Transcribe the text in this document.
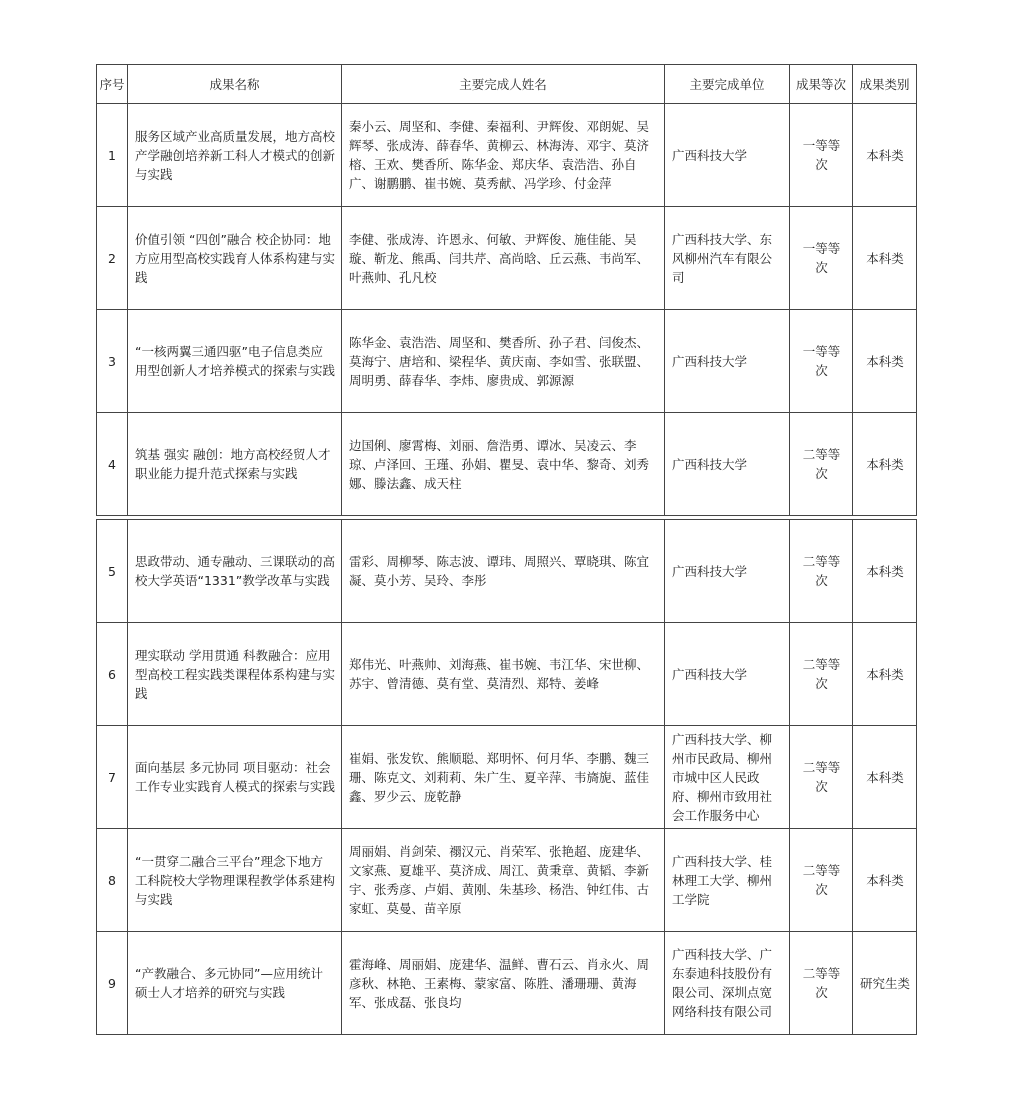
序号	成果名称	主要完成人姓名	主要完成单位	成果等次	成果类别
1	服务区域产业高质量发展，地方高校产学融创培养新工科人才模式的创新与实践	秦小云、周坚和、李健、秦福利、尹辉俊、邓朗妮、吴辉琴、张成涛、薛春华、黄柳云、林海涛、邓宇、莫济榕、王欢、樊香所、陈华金、郑庆华、袁浩浩、孙自广、谢鹏鹏、崔书婉、莫秀献、冯学珍、付金萍	广西科技大学	一等等次	本科类
2	价值引领 “四创”融合 校企协同：地方应用型高校实践育人体系构建与实践	李健、张成涛、许恩永、何敏、尹辉俊、施佳能、吴璇、靳龙、熊禹、闫共芹、高尚晗、丘云燕、韦尚军、叶燕帅、孔凡校	广西科技大学、东风柳州汽车有限公司	一等等次	本科类
3	“一核两翼三通四驱”电子信息类应用型创新人才培养模式的探索与实践	陈华金、袁浩浩、周坚和、樊香所、孙子君、闫俊杰、莫海宁、唐培和、梁程华、黄庆南、李如雪、张联盟、周明勇、薛春华、李炜、廖贵成、郭源源	广西科技大学	一等等次	本科类
4	筑基 强实 融创：地方高校经贸人才职业能力提升范式探索与实践	边国俐、廖霄梅、刘丽、詹浩勇、谭冰、吴凌云、李琼、卢泽回、王瑾、孙娟、瞿旻、袁中华、黎奇、刘秀娜、滕法鑫、成天柱	广西科技大学	二等等次	本科类

5	思政带动、通专融动、三课联动的高校大学英语“1331”教学改革与实践	雷彩、周柳琴、陈志波、谭玮、周照兴、覃晓琪、陈宜凝、莫小芳、吴玲、李彤	广西科技大学	二等等次	本科类
6	理实联动 学用贯通 科教融合：应用型高校工程实践类课程体系构建与实践	郑伟光、叶燕帅、刘海燕、崔书婉、韦江华、宋世柳、苏宇、曾清德、莫有堂、莫清烈、郑特、姜峰	广西科技大学	二等等次	本科类
7	面向基层 多元协同 项目驱动：社会工作专业实践育人模式的探索与实践	崔娟、张发钦、熊顺聪、郑明怀、何月华、李鹏、魏三珊、陈克文、刘莉莉、朱广生、夏辛萍、韦旖旎、蓝佳鑫、罗少云、庞乾静	广西科技大学、柳州市民政局、柳州市城中区人民政府、柳州市致用社会工作服务中心	二等等次	本科类
8	“一贯穿二融合三平台”理念下地方工科院校大学物理课程教学体系建构与实践	周丽娟、肖剑荣、禤汉元、肖荣军、张艳超、庞建华、文家燕、夏雄平、莫济成、周江、黄秉章、黄韬、李新宇、张秀彦、卢娟、黄刚、朱基珍、杨浩、钟红伟、古家虹、莫曼、苗辛原	广西科技大学、桂林理工大学、柳州工学院	二等等次	本科类
9	“产教融合、多元协同”—应用统计硕士人才培养的研究与实践	霍海峰、周丽娟、庞建华、温鲜、曹石云、肖永火、周彦秋、林艳、王素梅、蒙家富、陈胜、潘珊珊、黄海军、张成磊、张良均	广西科技大学、广东泰迪科技股份有限公司、深圳点宽网络科技有限公司	二等等次	研究生类
